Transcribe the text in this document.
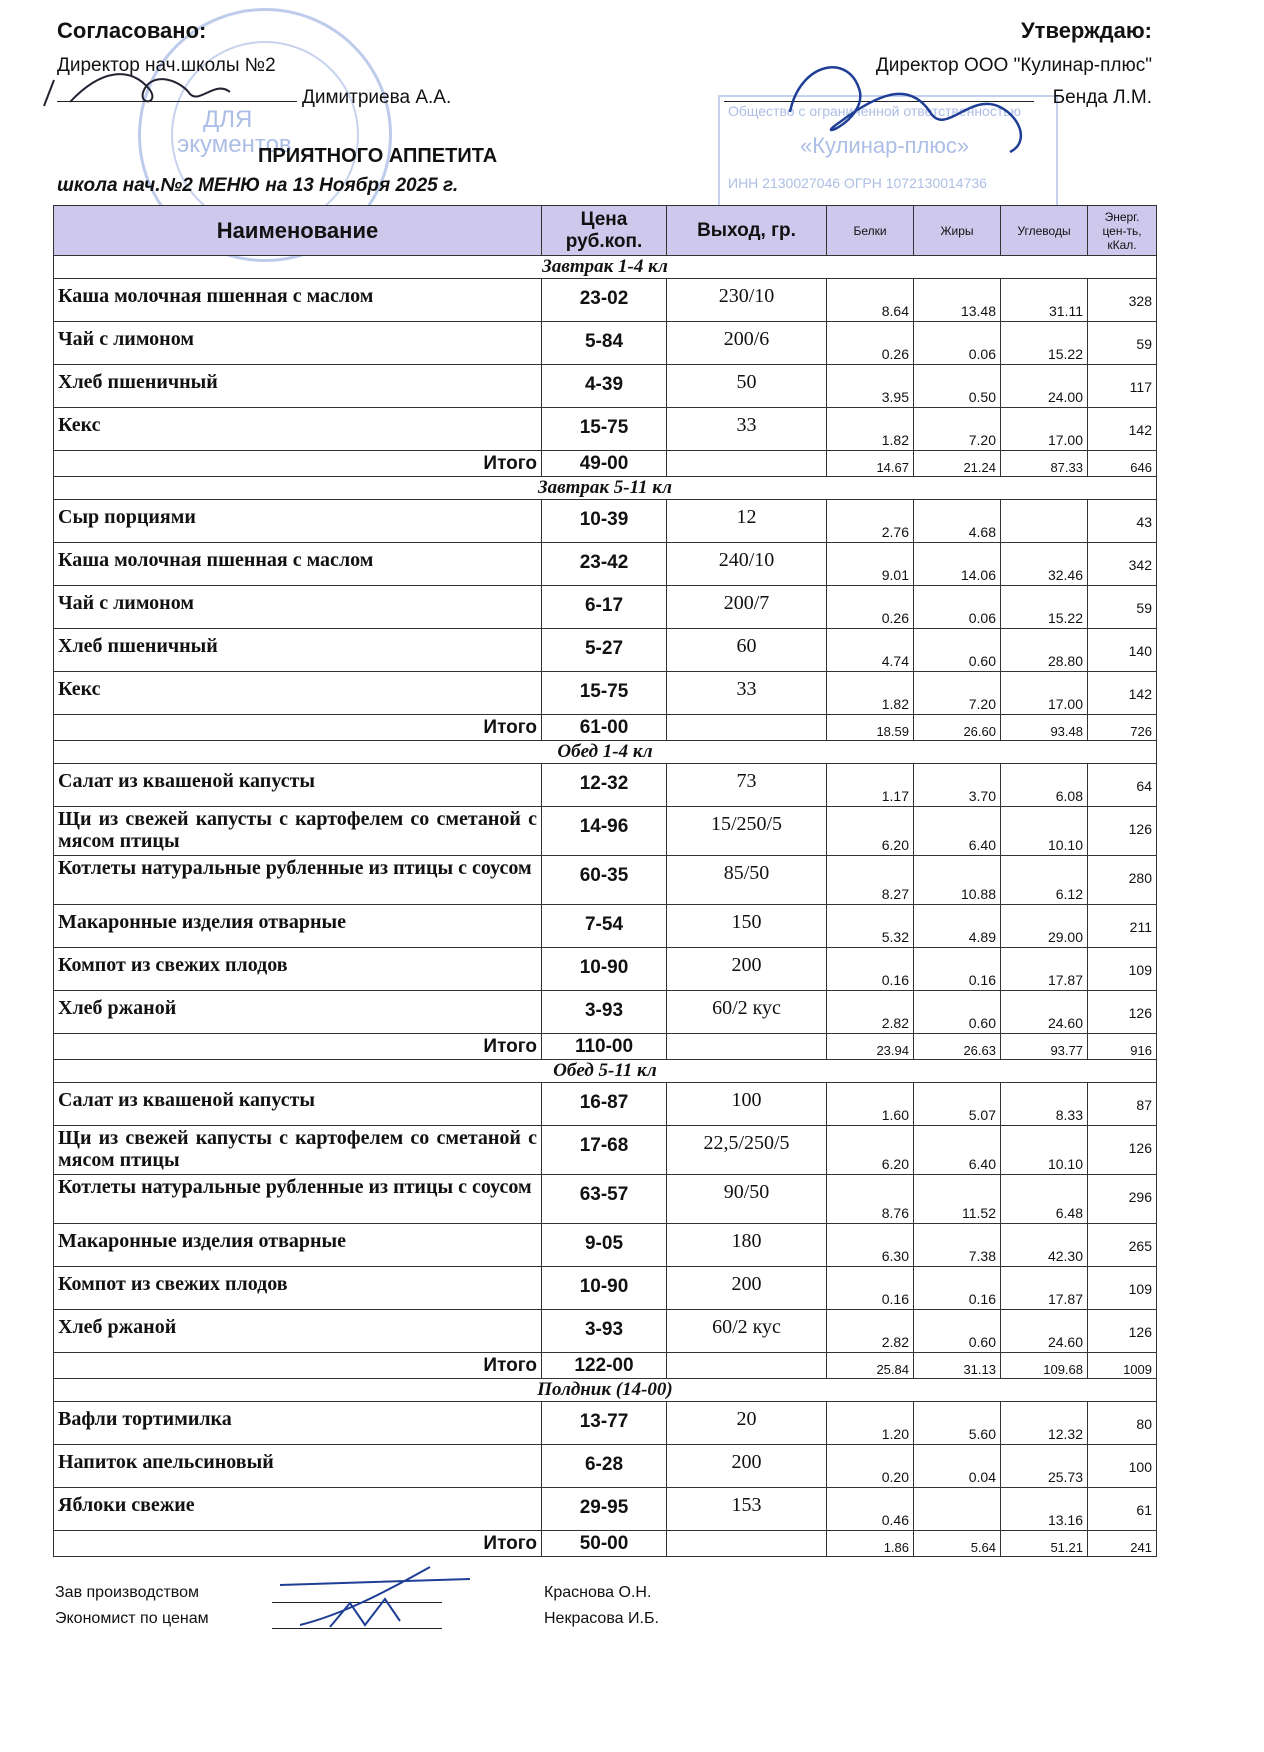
ДЛЯ
экументов
Общество с ограниченной ответственностью
«Кулинар-плюс»
ИНН 2130027046 ОГРН 1072130014736
Согласовано:	Утверждаю:
Директор нач.школы №2
Димитриева А.А.
Директор ООО "Кулинар-плюс"
Бенда Л.М.
ПРИЯТНОГО АППЕТИТА
школа нач.№2 МЕНЮ на 13 Ноября 2025 г.
Наименование	Цена руб.коп.	Выход, гр.	Белки	Жиры	Углеводы	Энерг. цен-ть, кКал.
Завтрак 1-4 кл						
Каша молочная пшенная с маслом	23-02	230/10	8.64	13.48	31.11	328
Чай с лимоном	5-84	200/6	0.26	0.06	15.22	59
Хлеб пшеничный	4-39	50	3.95	0.50	24.00	117
Кекс	15-75	33	1.82	7.20	17.00	142
Итого	49-00		14.67	21.24	87.33	646
Завтрак 5-11 кл						
Сыр порциями	10-39	12	2.76	4.68		43
Каша молочная пшенная с маслом	23-42	240/10	9.01	14.06	32.46	342
Чай с лимоном	6-17	200/7	0.26	0.06	15.22	59
Хлеб пшеничный	5-27	60	4.74	0.60	28.80	140
Кекс	15-75	33	1.82	7.20	17.00	142
Итого	61-00		18.59	26.60	93.48	726
Обед 1-4 кл						
Салат из квашеной капусты	12-32	73	1.17	3.70	6.08	64
Щи из свежей капусты с картофелем со сметаной с мясом птицы	14-96	15/250/5	6.20	6.40	10.10	126
Котлеты натуральные рубленные из птицы с соусом	60-35	85/50	8.27	10.88	6.12	280
Макаронные изделия отварные	7-54	150	5.32	4.89	29.00	211
Компот из свежих плодов	10-90	200	0.16	0.16	17.87	109
Хлеб ржаной	3-93	60/2 кус	2.82	0.60	24.60	126
Итого	110-00		23.94	26.63	93.77	916
Обед 5-11 кл						
Салат из квашеной капусты	16-87	100	1.60	5.07	8.33	87
Щи из свежей капусты с картофелем со сметаной с мясом птицы	17-68	22,5/250/5	6.20	6.40	10.10	126
Котлеты натуральные рубленные из птицы с соусом	63-57	90/50	8.76	11.52	6.48	296
Макаронные изделия отварные	9-05	180	6.30	7.38	42.30	265
Компот из свежих плодов	10-90	200	0.16	0.16	17.87	109
Хлеб ржаной	3-93	60/2 кус	2.82	0.60	24.60	126
Итого	122-00		25.84	31.13	109.68	1009
Полдник (14-00)						
Вафли тортимилка	13-77	20	1.20	5.60	12.32	80
Напиток апельсиновый	6-28	200	0.20	0.04	25.73	100
Яблоки свежие	29-95	153	0.46		13.16	61
Итого	50-00		1.86	5.64	51.21	241
Зав производством	Краснова О.Н.
Экономист по ценам	Некрасова И.Б.
